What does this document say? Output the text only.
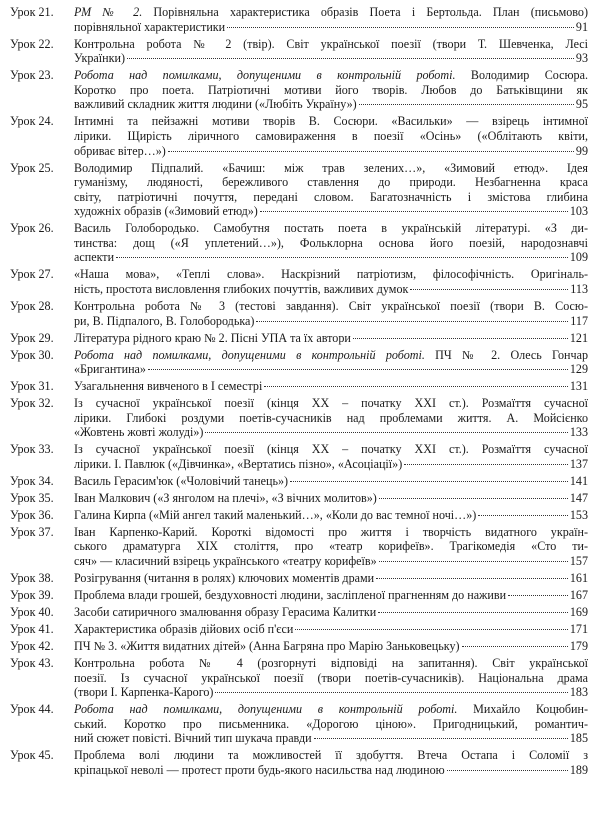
Урок 21.	РМ № 2. Порівняльна характеристика образів Поета і Бертольда. План (письмово)
порівняльної характеристики	91
Урок 22.	Контрольна робота № 2 (твір). Світ української поезії (твори Т. Шевченка, Лесі
Українки)	93
Урок 23.	Робота над помилками, допущеними в контрольній роботі. Володимир Сосюра.
Коротко про поета. Патріотичні мотиви його творів. Любов до Батьківщини як
важливий складник життя людини («Любіть Україну»)	95
Урок 24.	Інтимні та пейзажні мотиви творів В. Сосюри. «Васильки» — взірець інтимної
лірики. Щирість ліричного самовираження в поезії «Осінь» («Облітають квіти,
обриває вітер…»)	99
Урок 25.	Володимир Підпалий. «Бачиш: між трав зелених…», «Зимовий етюд». Ідея
гуманізму, людяності, бережливого ставлення до природи. Незбагненна краса
світу, патріотичні почуття, передані словом. Багатозначність і змістова глибина
художніх образів («Зимовий етюд»)	103
Урок 26.	Василь Голобородько. Самобутня постать поета в українській літературі. «З ди-
тинства: дощ («Я уплетений…»), Фольклорна основа його поезій, народознавчі
аспекти	109
Урок 27.	«Наша мова», «Теплі слова». Наскрізний патріотизм, філософічність. Оригіналь-
ність, простота висловлення глибоких почуттів, важливих думок	113
Урок 28.	Контрольна робота № 3 (тестові завдання). Світ української поезії (твори В. Сосю-
ри, В. Підпалого, В. Голобородька)	117
Урок 29.	Література рідного краю № 2. Пісні УПА та їх автори	121
Урок 30.	Робота над помилками, допущеними в контрольній роботі. ПЧ № 2. Олесь Гончар
«Бригантина»	129
Урок 31.	Узагальнення вивченого в І семестрі	131
Урок 32.	Із сучасної української поезії (кінця ХХ – початку ХХІ ст.). Розмаїття сучасної
лірики. Глибокі роздуми поетів-сучасників над проблемами життя. А. Мойсієнко
«Жовтень жовті жолуді»)	133
Урок 33.	Із сучасної української поезії (кінця ХХ – початку ХХІ ст.). Розмаїття сучасної
лірики. І. Павлюк («Дівчинка», «Вертатись пізно», «Асоціації»)	137
Урок 34.	Василь Герасим'юк («Чоловічий танець»)	141
Урок 35.	Іван Малкович («З янголом на плечі», «З вічних молитов»)	147
Урок 36.	Галина Кирпа («Мій ангел такий маленький…», «Коли до вас темної ночі…»)	153
Урок 37.	Іван Карпенко-Карий. Короткі відомості про життя і творчість видатного україн-
ського драматурга XIX століття, про «театр корифеїв». Трагікомедія «Сто ти-
сяч» — класичний взірець українського «театру корифеїв»	157
Урок 38.	Розігрування (читання в ролях) ключових моментів драми	161
Урок 39.	Проблема влади грошей, бездуховності людини, засліпленої прагненням до наживи	167
Урок 40.	Засоби сатиричного змалювання образу Герасима Калитки	169
Урок 41.	Характеристика образів дійових осіб п'єси	171
Урок 42.	ПЧ № 3. «Життя видатних дітей» (Анна Багряна про Марію Заньковецьку)	179
Урок 43.	Контрольна робота № 4 (розгорнуті відповіді на запитання). Світ української
поезії. Із сучасної української поезії (твори поетів-сучасників). Національна драма
(твори І. Карпенка-Карого)	183
Урок 44.	Робота над помилками, допущеними в контрольній роботі. Михайло Коцюбин-
ський. Коротко про письменника. «Дорогою ціною». Пригодницький, романтич-
ний сюжет повісті. Вічний тип шукача правди	185
Урок 45.	Проблема волі людини та можливостей її здобуття. Втеча Остапа і Соломії з
кріпацької неволі — протест проти будь-якого насильства над людиною	189
